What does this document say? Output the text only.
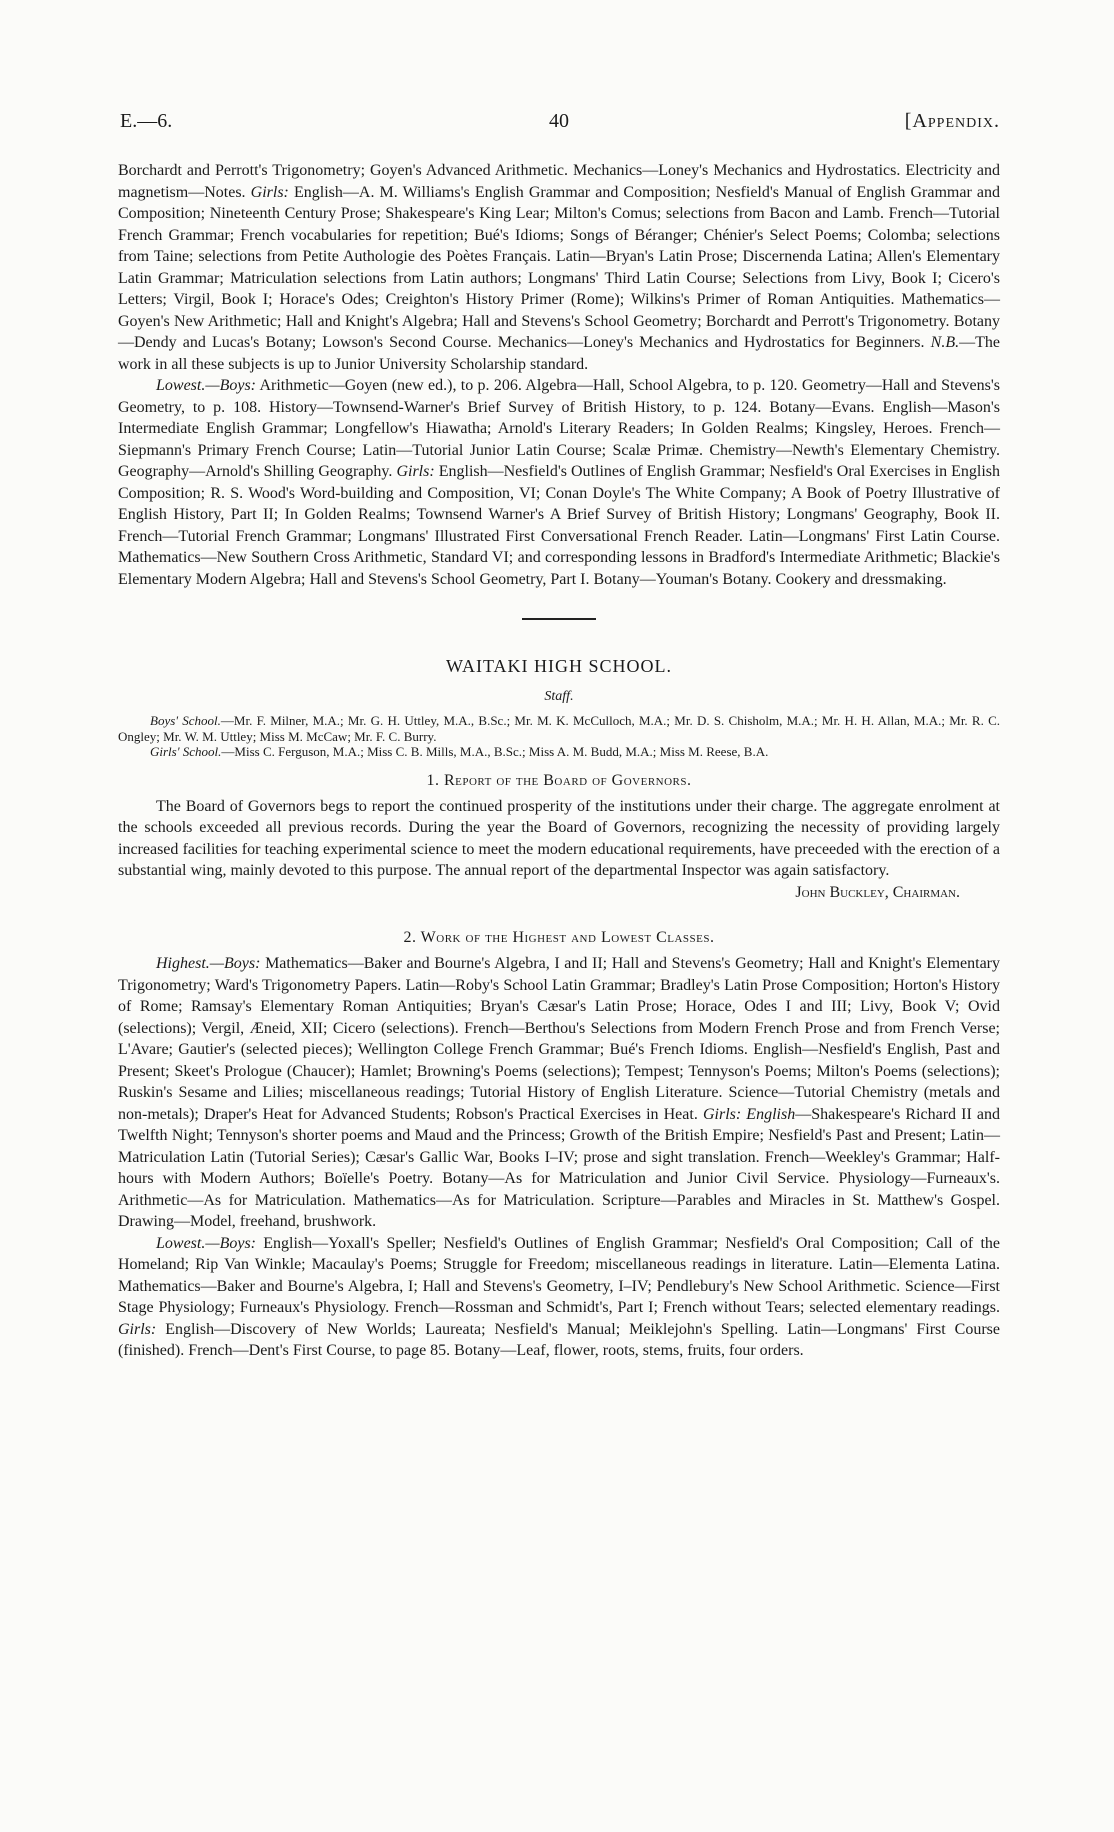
E.—6.	40	[Appendix.

Borchardt and Perrott's Trigonometry; Goyen's Advanced Arithmetic. Mechanics—Loney's Mechanics and Hydrostatics. Electricity and magnetism—Notes. Girls: English—A. M. Williams's English Grammar and Composition; Nesfield's Manual of English Grammar and Composition; Nineteenth Century Prose; Shakespeare's King Lear; Milton's Comus; selections from Bacon and Lamb. French—Tutorial French Grammar; French vocabularies for repetition; Bué's Idioms; Songs of Béranger; Chénier's Select Poems; Colomba; selections from Taine; selections from Petite Authologie des Poètes Français. Latin—Bryan's Latin Prose; Discernenda Latina; Allen's Elementary Latin Grammar; Matriculation selections from Latin authors; Longmans' Third Latin Course; Selections from Livy, Book I; Cicero's Letters; Virgil, Book I; Horace's Odes; Creighton's History Primer (Rome); Wilkins's Primer of Roman Antiquities. Mathematics—Goyen's New Arithmetic; Hall and Knight's Algebra; Hall and Stevens's School Geometry; Borchardt and Perrott's Trigonometry. Botany—Dendy and Lucas's Botany; Lowson's Second Course. Mechanics—Loney's Mechanics and Hydrostatics for Beginners. N.B.—The work in all these subjects is up to Junior University Scholarship standard.

Lowest.—Boys: Arithmetic—Goyen (new ed.), to p. 206. Algebra—Hall, School Algebra, to p. 120. Geometry—Hall and Stevens's Geometry, to p. 108. History—Townsend-Warner's Brief Survey of British History, to p. 124. Botany—Evans. English—Mason's Intermediate English Grammar; Longfellow's Hiawatha; Arnold's Literary Readers; In Golden Realms; Kingsley, Heroes. French—Siepmann's Primary French Course; Latin—Tutorial Junior Latin Course; Scalæ Primæ. Chemistry—Newth's Elementary Chemistry. Geography—Arnold's Shilling Geography. Girls: English—Nesfield's Outlines of English Grammar; Nesfield's Oral Exercises in English Composition; R. S. Wood's Word-building and Composition, VI; Conan Doyle's The White Company; A Book of Poetry Illustrative of English History, Part II; In Golden Realms; Townsend Warner's A Brief Survey of British History; Longmans' Geography, Book II. French—Tutorial French Grammar; Longmans' Illustrated First Conversational French Reader. Latin—Longmans' First Latin Course. Mathematics—New Southern Cross Arithmetic, Standard VI; and corresponding lessons in Bradford's Intermediate Arithmetic; Blackie's Elementary Modern Algebra; Hall and Stevens's School Geometry, Part I. Botany—Youman's Botany. Cookery and dressmaking.

WAITAKI HIGH SCHOOL.
Staff.

Boys' School.—Mr. F. Milner, M.A.; Mr. G. H. Uttley, M.A., B.Sc.; Mr. M. K. McCulloch, M.A.; Mr. D. S. Chisholm, M.A.; Mr. H. H. Allan, M.A.; Mr. R. C. Ongley; Mr. W. M. Uttley; Miss M. McCaw; Mr. F. C. Burry.

Girls' School.—Miss C. Ferguson, M.A.; Miss C. B. Mills, M.A., B.Sc.; Miss A. M. Budd, M.A.; Miss M. Reese, B.A.

1. Report of the Board of Governors.

The Board of Governors begs to report the continued prosperity of the institutions under their charge. The aggregate enrolment at the schools exceeded all previous records. During the year the Board of Governors, recognizing the necessity of providing largely increased facilities for teaching experimental science to meet the modern educational requirements, have preceeded with the erection of a substantial wing, mainly devoted to this purpose. The annual report of the departmental Inspector was again satisfactory.
John Buckley, Chairman.

2. Work of the Highest and Lowest Classes.

Highest.—Boys: Mathematics—Baker and Bourne's Algebra, I and II; Hall and Stevens's Geometry; Hall and Knight's Elementary Trigonometry; Ward's Trigonometry Papers. Latin—Roby's School Latin Grammar; Bradley's Latin Prose Composition; Horton's History of Rome; Ramsay's Elementary Roman Antiquities; Bryan's Cæsar's Latin Prose; Horace, Odes I and III; Livy, Book V; Ovid (selections); Vergil, Æneid, XII; Cicero (selections). French—Berthou's Selections from Modern French Prose and from French Verse; L'Avare; Gautier's (selected pieces); Wellington College French Grammar; Bué's French Idioms. English—Nesfield's English, Past and Present; Skeet's Prologue (Chaucer); Hamlet; Browning's Poems (selections); Tempest; Tennyson's Poems; Milton's Poems (selections); Ruskin's Sesame and Lilies; miscellaneous readings; Tutorial History of English Literature. Science—Tutorial Chemistry (metals and non-metals); Draper's Heat for Advanced Students; Robson's Practical Exercises in Heat. Girls: English—Shakespeare's Richard II and Twelfth Night; Tennyson's shorter poems and Maud and the Princess; Growth of the British Empire; Nesfield's Past and Present; Latin—Matriculation Latin (Tutorial Series); Cæsar's Gallic War, Books I–IV; prose and sight translation. French—Weekley's Grammar; Half-hours with Modern Authors; Boïelle's Poetry. Botany—As for Matriculation and Junior Civil Service. Physiology—Furneaux's. Arithmetic—As for Matriculation. Mathematics—As for Matriculation. Scripture—Parables and Miracles in St. Matthew's Gospel. Drawing—Model, freehand, brushwork.

Lowest.—Boys: English—Yoxall's Speller; Nesfield's Outlines of English Grammar; Nesfield's Oral Composition; Call of the Homeland; Rip Van Winkle; Macaulay's Poems; Struggle for Freedom; miscellaneous readings in literature. Latin—Elementa Latina. Mathematics—Baker and Bourne's Algebra, I; Hall and Stevens's Geometry, I–IV; Pendlebury's New School Arithmetic. Science—First Stage Physiology; Furneaux's Physiology. French—Rossman and Schmidt's, Part I; French without Tears; selected elementary readings. Girls: English—Discovery of New Worlds; Laureata; Nesfield's Manual; Meiklejohn's Spelling. Latin—Longmans' First Course (finished). French—Dent's First Course, to page 85. Botany—Leaf, flower, roots, stems, fruits, four orders.
